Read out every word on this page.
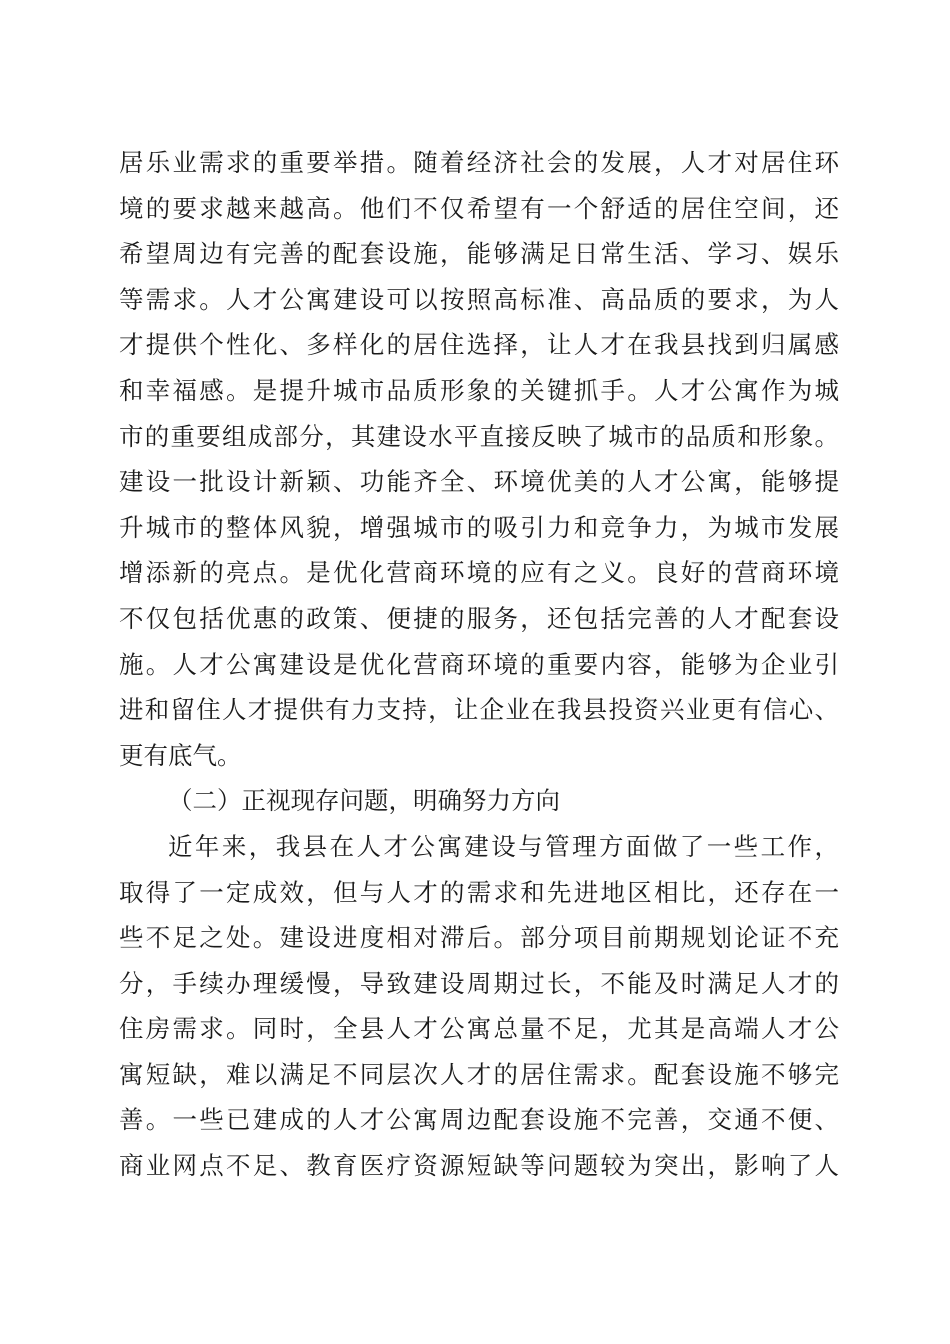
居乐业需求的重要举措。随着经济社会的发展，人才对居住环
境的要求越来越高。他们不仅希望有一个舒适的居住空间，还
希望周边有完善的配套设施，能够满足日常生活、学习、娱乐
等需求。人才公寓建设可以按照高标准、高品质的要求，为人
才提供个性化、多样化的居住选择，让人才在我县找到归属感
和幸福感。是提升城市品质形象的关键抓手。人才公寓作为城
市的重要组成部分，其建设水平直接反映了城市的品质和形象。
建设一批设计新颖、功能齐全、环境优美的人才公寓，能够提
升城市的整体风貌，增强城市的吸引力和竞争力，为城市发展
增添新的亮点。是优化营商环境的应有之义。良好的营商环境
不仅包括优惠的政策、便捷的服务，还包括完善的人才配套设
施。人才公寓建设是优化营商环境的重要内容，能够为企业引
进和留住人才提供有力支持，让企业在我县投资兴业更有信心、
更有底气。
（二）正视现存问题，明确努力方向
近年来，我县在人才公寓建设与管理方面做了一些工作，
取得了一定成效，但与人才的需求和先进地区相比，还存在一
些不足之处。建设进度相对滞后。部分项目前期规划论证不充
分，手续办理缓慢，导致建设周期过长，不能及时满足人才的
住房需求。同时，全县人才公寓总量不足，尤其是高端人才公
寓短缺，难以满足不同层次人才的居住需求。配套设施不够完
善。一些已建成的人才公寓周边配套设施不完善，交通不便、
商业网点不足、教育医疗资源短缺等问题较为突出，影响了人
